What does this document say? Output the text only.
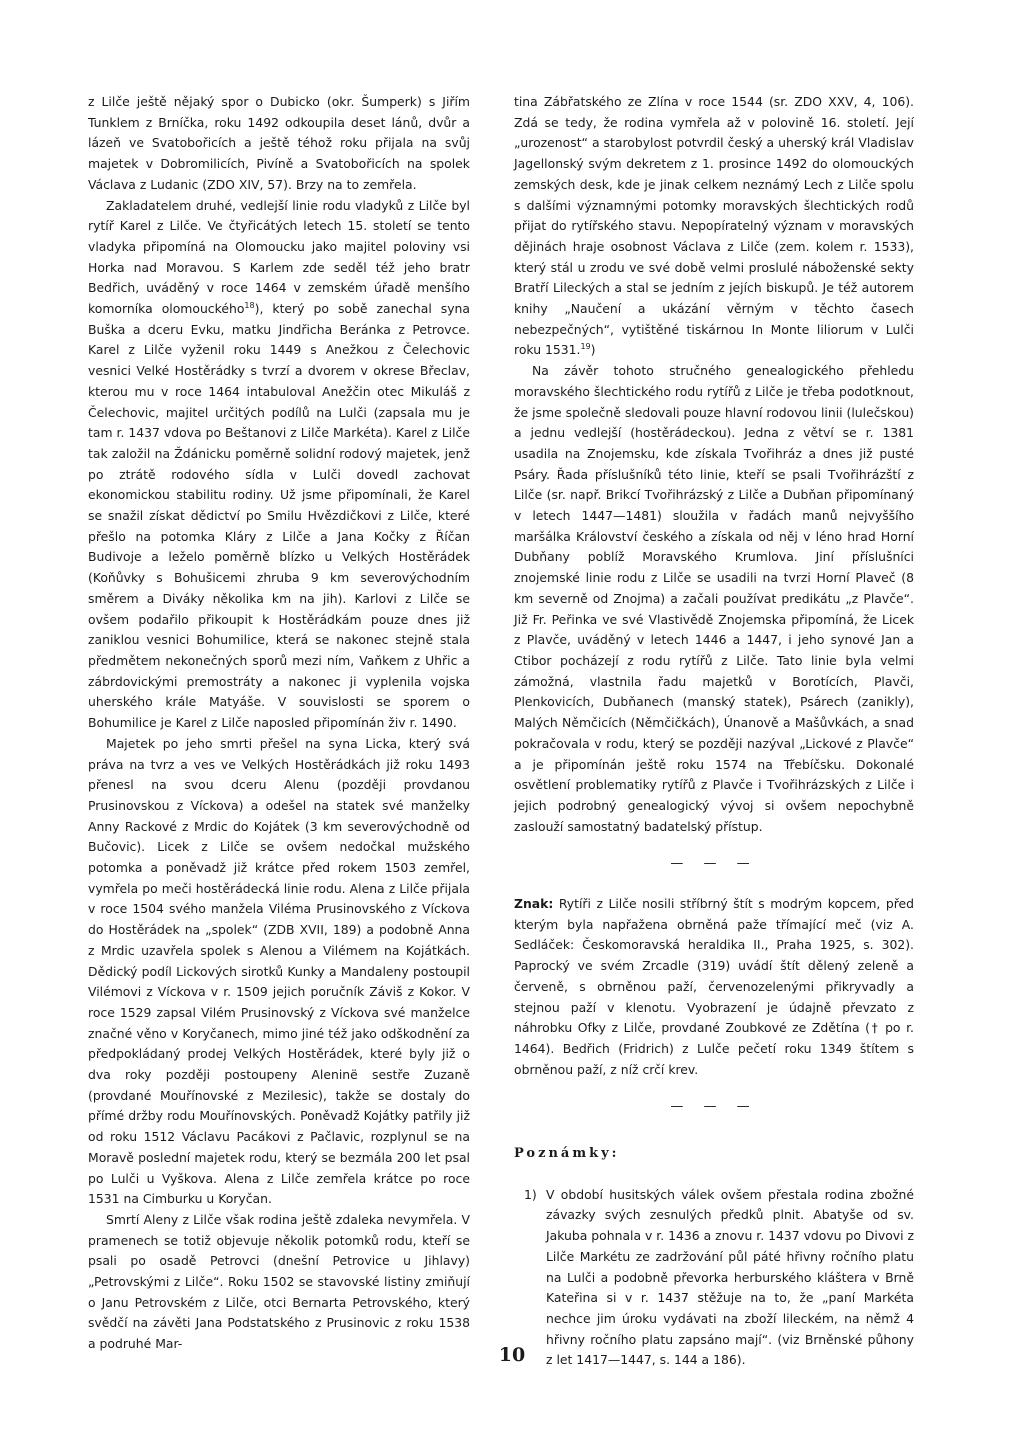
z Lilče ještě nějaký spor o Dubicko (okr. Šumperk) s Jiřím Tunklem z Brníčka, roku 1492 odkoupila deset lánů, dvůr a lázeň ve Svatobořicích a ještě téhož roku přijala na svůj majetek v Dobromilicích, Pivíně a Svatobořicích na spolek Václava z Ludanic (ZDO XIV, 57). Brzy na to zemřela.

Zakladatelem druhé, vedlejší linie rodu vladyků z Lilče byl rytíř Karel z Lilče. Ve čtyřicátých letech 15. století se tento vladyka připomíná na Olomoucku jako majitel poloviny vsi Horka nad Moravou. S Karlem zde seděl též jeho bratr Bedřich, uváděný v roce 1464 v zemském úřadě menšího komorníka olomouckého$^{18}$), který po sobě zanechal syna Buška a dceru Evku, matku Jindřicha Beránka z Petrovce. Karel z Lilče vyženil roku 1449 s Anežkou z Čelechovic vesnici Velké Hostěrádky s tvrzí a dvorem v okrese Břeclav, kterou mu v roce 1464 intabuloval Anežčin otec Mikuláš z Čelechovic, majitel určitých podílů na Lulči (zapsala mu je tam r. 1437 vdova po Beštanovi z Lilče Markéta). Karel z Lilče tak založil na Ždánicku poměrně solidní rodový majetek, jenž po ztrátě rodového sídla v Lulči dovedl zachovat ekonomickou stabilitu rodiny. Už jsme připomínali, že Karel se snažil získat dědictví po Smilu Hvězdičkovi z Lilče, které přešlo na potomka Kláry z Lilče a Jana Kočky z Říčan Budivoje a leželo poměrně blízko u Velkých Hostěrádek (Koňůvky s Bohušicemi zhruba 9 km severovýchodním směrem a Diváky několika km na jih). Karlovi z Lilče se ovšem podařilo přikoupit k Hostěrádkám pouze dnes již zaniklou vesnici Bohumilice, která se nakonec stejně stala předmětem nekonečných sporů mezi ním, Vaňkem z Uhřic a zábrdovickými premostráty a nakonec ji vyplenila vojska uherského krále Matyáše. V souvislosti se sporem o Bohumilice je Karel z Lilče naposled připomínán živ r. 1490.

Majetek po jeho smrti přešel na syna Licka, který svá práva na tvrz a ves ve Velkých Hostěrádkách již roku 1493 přenesl na svou dceru Alenu (později provdanou Prusinovskou z Víckova) a odešel na statek své manželky Anny Rackové z Mrdic do Kojátek (3 km severovýchodně od Bučovic). Licek z Lilče se ovšem nedočkal mužského potomka a poněvadž již krátce před rokem 1503 zemřel, vymřela po meči hostěrádecká linie rodu. Alena z Lilče přijala v roce 1504 svého manžela Viléma Prusinovského z Víckova do Hostěrádek na „spolek“ (ZDB XVII, 189) a podobně Anna z Mrdic uzavřela spolek s Alenou a Vilémem na Kojátkách. Dědický podíl Lickových sirotků Kunky a Mandaleny postoupil Vilémovi z Víckova v r. 1509 jejich poručník Záviš z Kokor. V roce 1529 zapsal Vilém Prusinovský z Víckova své manželce značné věno v Koryčanech, mimo jiné též jako odškodnění za předpokládaný prodej Velkých Hostěrádek, které byly již o dva roky později postoupeny Aleninë sestře Zuzaně (provdané Mouřínovské z Mezilesic), takže se dostaly do přímé držby rodu Mouřínovských. Poněvadž Kojátky patřily již od roku 1512 Václavu Pacákovi z Pačlavic, rozplynul se na Moravě poslední majetek rodu, který se bezmála 200 let psal po Lulči u Vyškova. Alena z Lilče zemřela krátce po roce 1531 na Cimburku u Koryčan.

Smrtí Aleny z Lilče však rodina ještě zdaleka nevymřela. V pramenech se totiž objevuje několik potomků rodu, kteří se psali po osadě Petrovci (dnešní Petrovice u Jihlavy) „Petrovskými z Lilče“. Roku 1502 se stavovské listiny zmiňují o Janu Petrovském z Lilče, otci Bernarta Petrovského, který svědčí na závěti Jana Podstatského z Prusinovic z roku 1538 a podruhé Mar-

tina Zábřatského ze Zlína v roce 1544 (sr. ZDO XXV, 4, 106). Zdá se tedy, že rodina vymřela až v polovině 16. století. Její „urozenost“ a starobylost potvrdil český a uherský král Vladislav Jagellonský svým dekretem z 1. prosince 1492 do olomouckých zemských desk, kde je jinak celkem neznámý Lech z Lilče spolu s dalšími významnými potomky moravských šlechtických rodů přijat do rytířského stavu. Nepopíratelný význam v moravských dějinách hraje osobnost Václava z Lilče (zem. kolem r. 1533), který stál u zrodu ve své době velmi proslulé náboženské sekty Bratří Lileckých a stal se jedním z jejích biskupů. Je též autorem knihy „Naučení a ukázání věrným v těchto časech nebezpečných“, vytištěné tiskárnou In Monte liliorum v Lulči roku 1531.19)

Na závěr tohoto stručného genealogického přehledu moravského šlechtického rodu rytířů z Lilče je třeba podotknout, že jsme společně sledovali pouze hlavní rodovou linii (lulečskou) a jednu vedlejší (hostěrádeckou). Jedna z větví se r. 1381 usadila na Znojemsku, kde získala Tvořihráz a dnes již pusté Psáry. Řada příslušníků této linie, kteří se psali Tvořihrázští z Lilče (sr. např. Brikcí Tvořihrázský z Lilče a Dubňan připomínaný v letech 1447—1481) sloužila v řadách manů nejvyššího maršálka Království českého a získala od něj v léno hrad Horní Dubňany poblíž Moravského Krumlova. Jiní příslušníci znojemské linie rodu z Lilče se usadili na tvrzi Horní Plaveč (8 km severně od Znojma) a začali používat predikátu „z Plavče“. Již Fr. Peřinka ve své Vlastivědě Znojemska připomíná, že Licek z Plavče, uváděný v letech 1446 a 1447, i jeho synové Jan a Ctibor pocházejí z rodu rytířů z Lilče. Tato linie byla velmi zámožná, vlastnila řadu majetků v Borotících, Plavči, Plenkovicích, Dubňanech (manský statek), Psárech (zanikly), Malých Němčicích (Němčičkách), Únanově a Mašůvkách, a snad pokračovala v rodu, který se později nazýval „Lickové z Plavče“ a je připomínán ještě roku 1574 na Třebíčsku. Dokonalé osvětlení problematiky rytířů z Plavče i Tvořihrázských z Lilče i jejich podrobný genealogický vývoj si ovšem nepochybně zaslouží samostatný badatelský přístup.

— — —

Znak: Rytíři z Lilče nosili stříbrný štít s modrým kopcem, před kterým byla napřažena obrněná paže třímající meč (viz A. Sedláček: Českomoravská heraldika II., Praha 1925, s. 302). Paprocký ve svém Zrcadle (319) uvádí štít dělený zeleně a červeně, s obrněnou paží, červenozelenými přikryvadly a stejnou paží v klenotu. Vyobrazení je údajně převzato z náhrobku Ofky z Lilče, provdané Zoubkové ze Zdětína († po r. 1464). Bedřich (Fridrich) z Lulče pečetí roku 1349 štítem s obrněnou paží, z níž crčí krev.

— — —
Poznámky:

1) V období husitských válek ovšem přestala rodina zbožné závazky svých zesnulých předků plnit. Abatyše od sv. Jakuba pohnala v r. 1436 a znovu r. 1437 vdovu po Divovi z Lilče Markétu ze zadržování půl páté hřivny ročního platu na Lulči a podobně převorka herburského kláštera v Brně Kateřina si v r. 1437 stěžuje na to, že „paní Markéta nechce jim úroku vydávati na zboží lileckém, na němž 4 hřivny ročního platu zapsáno mají“. (viz Brněnské půhony z let 1417—1447, s. 144 a 186).

10
